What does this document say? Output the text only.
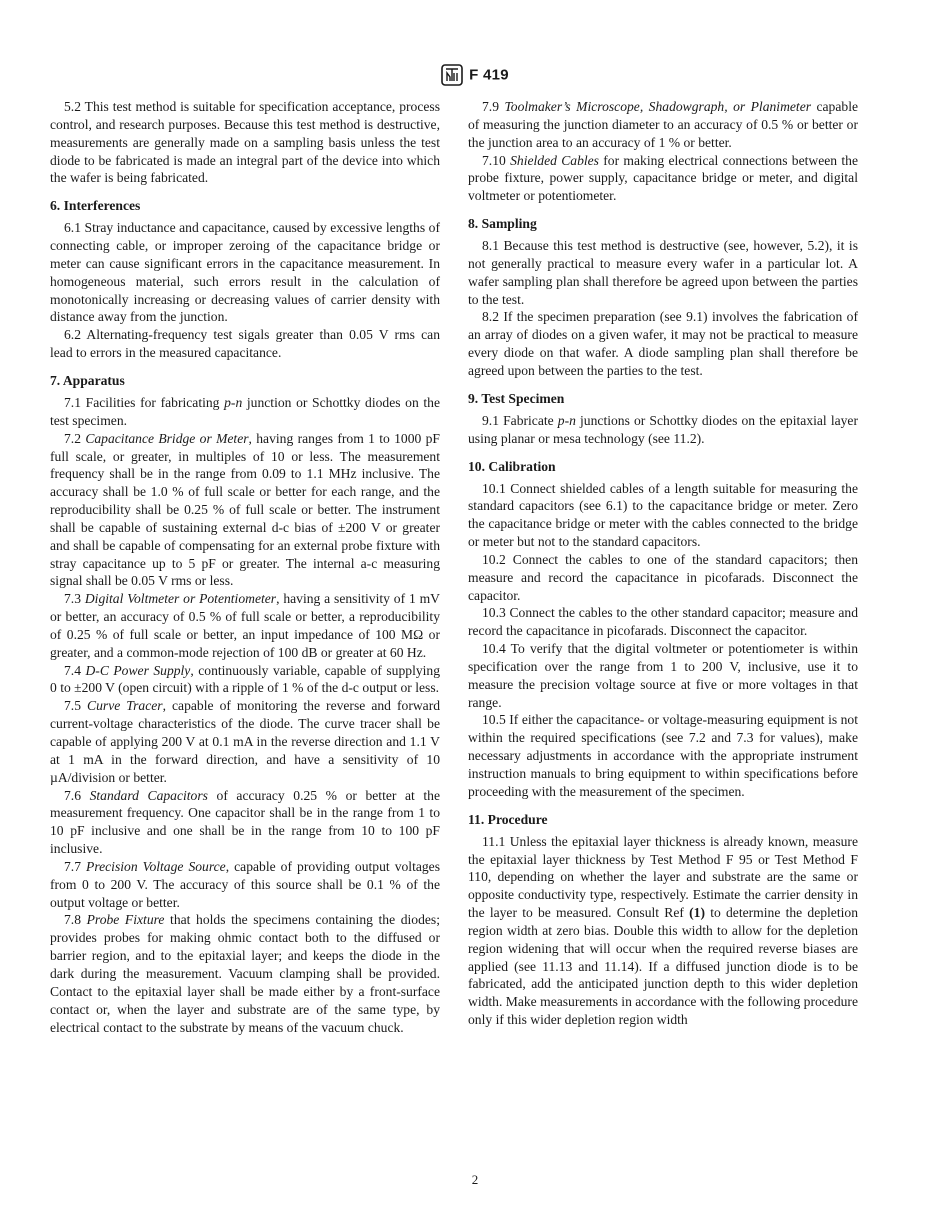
F 419

5.2 This test method is suitable for specification acceptance, process control, and research purposes. Because this test method is destructive, measurements are generally made on a sampling basis unless the test diode to be fabricated is made an integral part of the device into which the wafer is being fabricated.

6. Interferences

6.1 Stray inductance and capacitance, caused by excessive lengths of connecting cable, or improper zeroing of the capacitance bridge or meter can cause significant errors in the capacitance measurement. In homogeneous material, such errors result in the calculation of monotonically increasing or decreasing values of carrier density with distance away from the junction.

6.2 Alternating-frequency test sigals greater than 0.05 V rms can lead to errors in the measured capacitance.

7. Apparatus

7.1 Facilities for fabricating p-n junction or Schottky diodes on the test specimen.

7.2 Capacitance Bridge or Meter, having ranges from 1 to 1000 pF full scale, or greater, in multiples of 10 or less. The measurement frequency shall be in the range from 0.09 to 1.1 MHz inclusive. The accuracy shall be 1.0 % of full scale or better for each range, and the reproducibility shall be 0.25 % of full scale or better. The instrument shall be capable of sustaining external d-c bias of ±200 V or greater and shall be capable of compensating for an external probe fixture with stray capacitance up to 5 pF or greater. The internal a-c measuring signal shall be 0.05 V rms or less.

7.3 Digital Voltmeter or Potentiometer, having a sensitivity of 1 mV or better, an accuracy of 0.5 % of full scale or better, a reproducibility of 0.25 % of full scale or better, an input impedance of 100 MΩ or greater, and a common-mode rejection of 100 dB or greater at 60 Hz.

7.4 D-C Power Supply, continuously variable, capable of supplying 0 to ±200 V (open circuit) with a ripple of 1 % of the d-c output or less.

7.5 Curve Tracer, capable of monitoring the reverse and forward current-voltage characteristics of the diode. The curve tracer shall be capable of applying 200 V at 0.1 mA in the reverse direction and 1.1 V at 1 mA in the forward direction, and have a sensitivity of 10 µA/division or better.

7.6 Standard Capacitors of accuracy 0.25 % or better at the measurement frequency. One capacitor shall be in the range from 1 to 10 pF inclusive and one shall be in the range from 10 to 100 pF inclusive.

7.7 Precision Voltage Source, capable of providing output voltages from 0 to 200 V. The accuracy of this source shall be 0.1 % of the output voltage or better.

7.8 Probe Fixture that holds the specimens containing the diodes; provides probes for making ohmic contact both to the diffused or barrier region, and to the epitaxial layer; and keeps the diode in the dark during the measurement. Vacuum clamping shall be provided. Contact to the epitaxial layer shall be made either by a front-surface contact or, when the layer and substrate are of the same type, by electrical contact to the substrate by means of the vacuum chuck.

7.9 Toolmaker’s Microscope, Shadowgraph, or Planimeter capable of measuring the junction diameter to an accuracy of 0.5 % or better or the junction area to an accuracy of 1 % or better.

7.10 Shielded Cables for making electrical connections between the probe fixture, power supply, capacitance bridge or meter, and digital voltmeter or potentiometer.

8. Sampling

8.1 Because this test method is destructive (see, however, 5.2), it is not generally practical to measure every wafer in a particular lot. A wafer sampling plan shall therefore be agreed upon between the parties to the test.

8.2 If the specimen preparation (see 9.1) involves the fabrication of an array of diodes on a given wafer, it may not be practical to measure every diode on that wafer. A diode sampling plan shall therefore be agreed upon between the parties to the test.

9. Test Specimen

9.1 Fabricate p-n junctions or Schottky diodes on the epitaxial layer using planar or mesa technology (see 11.2).

10. Calibration

10.1 Connect shielded cables of a length suitable for measuring the standard capacitors (see 6.1) to the capacitance bridge or meter. Zero the capacitance bridge or meter with the cables connected to the bridge or meter but not to the standard capacitors.

10.2 Connect the cables to one of the standard capacitors; then measure and record the capacitance in picofarads. Disconnect the capacitor.

10.3 Connect the cables to the other standard capacitor; measure and record the capacitance in picofarads. Disconnect the capacitor.

10.4 To verify that the digital voltmeter or potentiometer is within specification over the range from 1 to 200 V, inclusive, use it to measure the precision voltage source at five or more voltages in that range.

10.5 If either the capacitance- or voltage-measuring equipment is not within the required specifications (see 7.2 and 7.3 for values), make necessary adjustments in accordance with the appropriate instrument instruction manuals to bring equipment to within specifications before proceeding with the measurement of the specimen.

11. Procedure

11.1 Unless the epitaxial layer thickness is already known, measure the epitaxial layer thickness by Test Method F 95 or Test Method F 110, depending on whether the layer and substrate are the same or opposite conductivity type, respectively. Estimate the carrier density in the layer to be measured. Consult Ref (1) to determine the depletion region width at zero bias. Double this width to allow for the depletion region widening that will occur when the required reverse biases are applied (see 11.13 and 11.14). If a diffused junction diode is to be fabricated, add the anticipated junction depth to this wider depletion width. Make measurements in accordance with the following procedure only if this wider depletion region width

2
